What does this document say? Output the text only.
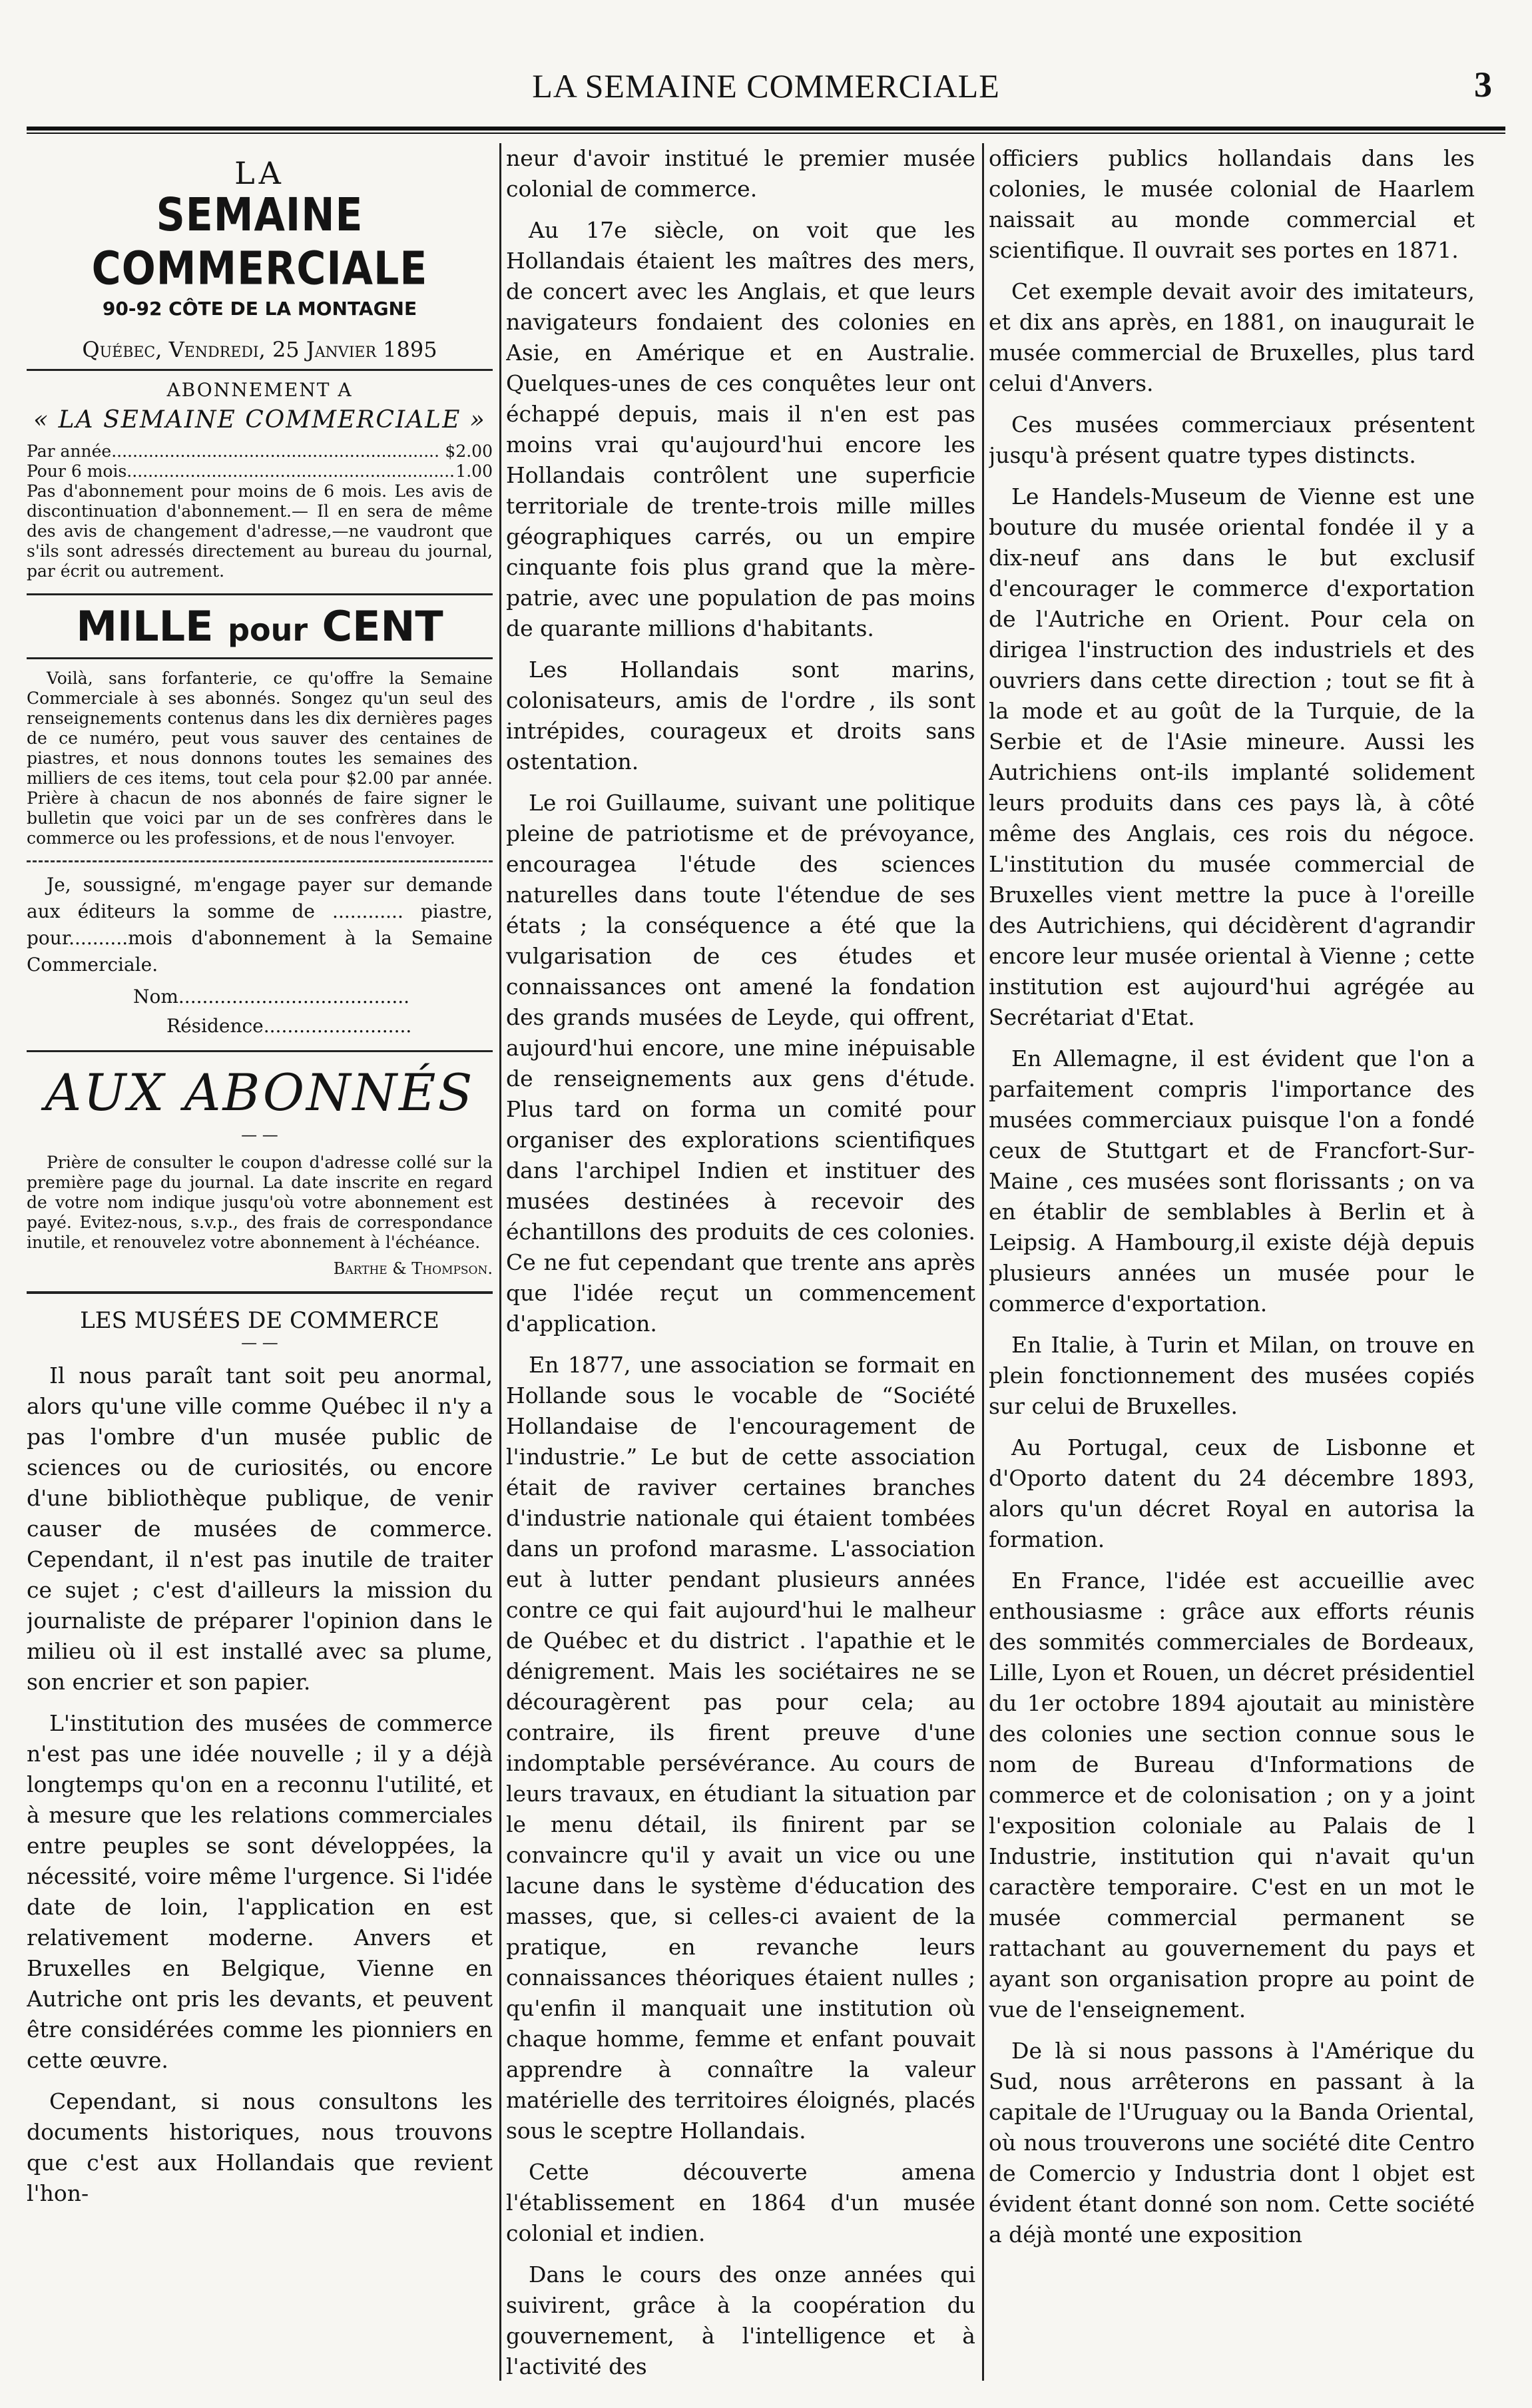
LA SEMAINE COMMERCIALE	3
LA
SEMAINE COMMERCIALE
90-92 CÔTE DE LA MONTAGNE
Québec, Vendredi, 25 Janvier 1895
ABONNEMENT A
« LA SEMAINE COMMERCIALE »
Par année .............................................................. $2.00
Pour 6 mois .............................................................. 1.00

Pas d'abonnement pour moins de 6 mois. Les avis de discontinuation d'abonnement.— Il en sera de même des avis de changement d'adresse,—ne vaudront que s'ils sont adressés directement au bureau du journal, par écrit ou autrement.

MILLE pour CENT

Voilà, sans forfanterie, ce qu'offre la Semaine Commerciale à ses abonnés. Songez qu'un seul des renseignements contenus dans les dix dernières pages de ce numéro, peut vous sauver des centaines de piastres, et nous donnons toutes les semaines des milliers de ces items, tout cela pour $2.00 par année. Prière à chacun de nos abonnés de faire signer le bulletin que voici par un de ses confrères dans le commerce ou les professions, et de nous l'envoyer.

Je, soussigné, m'engage payer sur demande aux éditeurs la somme de ............ piastre, pour..........mois d'abonnement à la Semaine Commerciale.
Nom.......................................
Résidence.........................
AUX ABONNÉS
— —

Prière de consulter le coupon d'adresse collé sur la première page du journal. La date inscrite en regard de votre nom indique jusqu'où votre abonnement est payé. Evitez-nous, s.v.p., des frais de correspondance inutile, et renouvelez votre abonnement à l'échéance.

Barthe & Thompson.
LES MUSÉES DE COMMERCE
— —

Il nous paraît tant soit peu anormal, alors qu'une ville comme Québec il n'y a pas l'ombre d'un musée public de sciences ou de curiosités, ou encore d'une bibliothèque publique, de venir causer de musées de commerce. Cependant, il n'est pas inutile de traiter ce sujet ; c'est d'ailleurs la mission du journaliste de préparer l'opinion dans le milieu où il est installé avec sa plume, son encrier et son papier.

L'institution des musées de commerce n'est pas une idée nouvelle ; il y a déjà longtemps qu'on en a reconnu l'utilité, et à mesure que les relations commerciales entre peuples se sont développées, la nécessité, voire même l'urgence. Si l'idée date de loin, l'application en est relativement moderne. Anvers et Bruxelles en Belgique, Vienne en Autriche ont pris les devants, et peuvent être considérées comme les pionniers en cette œuvre.

Cependant, si nous consultons les documents historiques, nous trouvons que c'est aux Hollandais que revient l'hon-

neur d'avoir institué le premier musée colonial de commerce.

Au 17e siècle, on voit que les Hollandais étaient les maîtres des mers, de concert avec les Anglais, et que leurs navigateurs fondaient des colonies en Asie, en Amérique et en Australie. Quelques-unes de ces conquêtes leur ont échappé depuis, mais il n'en est pas moins vrai qu'aujourd'hui encore les Hollandais contrôlent une superficie territoriale de trente-trois mille milles géographiques carrés, ou un empire cinquante fois plus grand que la mère-patrie, avec une population de pas moins de quarante millions d'habitants.

Les Hollandais sont marins, colonisateurs, amis de l'ordre , ils sont intrépides, courageux et droits sans ostentation.

Le roi Guillaume, suivant une politique pleine de patriotisme et de prévoyance, encouragea l'étude des sciences naturelles dans toute l'étendue de ses états ; la conséquence a été que la vulgarisation de ces études et connaissances ont amené la fondation des grands musées de Leyde, qui offrent, aujourd'hui encore, une mine inépuisable de renseignements aux gens d'étude. Plus tard on forma un comité pour organiser des explorations scientifiques dans l'archipel Indien et instituer des musées destinées à recevoir des échantillons des produits de ces colonies. Ce ne fut cependant que trente ans après que l'idée reçut un commencement d'application.

En 1877, une association se formait en Hollande sous le vocable de “Société Hollandaise de l'encouragement de l'industrie.” Le but de cette association était de raviver certaines branches d'industrie nationale qui étaient tombées dans un profond marasme. L'association eut à lutter pendant plusieurs années contre ce qui fait aujourd'hui le malheur de Québec et du district . l'apathie et le dénigrement. Mais les sociétaires ne se découragèrent pas pour cela; au contraire, ils firent preuve d'une indomptable persévérance. Au cours de leurs travaux, en étudiant la situation par le menu détail, ils finirent par se convaincre qu'il y avait un vice ou une lacune dans le système d'éducation des masses, que, si celles-ci avaient de la pratique, en revanche leurs connaissances théoriques étaient nulles ; qu'enfin il manquait une institution où chaque homme, femme et enfant pouvait apprendre à connaître la valeur matérielle des territoires éloignés, placés sous le sceptre Hollandais.

Cette découverte amena l'établissement en 1864 d'un musée colonial et indien.

Dans le cours des onze années qui suivirent, grâce à la coopération du gouvernement, à l'intelligence et à l'activité des

officiers publics hollandais dans les colonies, le musée colonial de Haarlem naissait au monde commercial et scientifique. Il ouvrait ses portes en 1871.

Cet exemple devait avoir des imitateurs, et dix ans après, en 1881, on inaugurait le musée commercial de Bruxelles, plus tard celui d'Anvers.

Ces musées commerciaux présentent jusqu'à présent quatre types distincts.

Le Handels-Museum de Vienne est une bouture du musée oriental fondée il y a dix-neuf ans dans le but exclusif d'encourager le commerce d'exportation de l'Autriche en Orient. Pour cela on dirigea l'instruction des industriels et des ouvriers dans cette direction ; tout se fit à la mode et au goût de la Turquie, de la Serbie et de l'Asie mineure. Aussi les Autrichiens ont-ils implanté solidement leurs produits dans ces pays là, à côté même des Anglais, ces rois du négoce. L'institution du musée commercial de Bruxelles vient mettre la puce à l'oreille des Autrichiens, qui décidèrent d'agrandir encore leur musée oriental à Vienne ; cette institution est aujourd'hui agrégée au Secrétariat d'Etat.

En Allemagne, il est évident que l'on a parfaitement compris l'importance des musées commerciaux puisque l'on a fondé ceux de Stuttgart et de Francfort-Sur-Maine , ces musées sont florissants ; on va en établir de semblables à Berlin et à Leipsig. A Hambourg,il existe déjà depuis plusieurs années un musée pour le commerce d'exportation.

En Italie, à Turin et Milan, on trouve en plein fonctionnement des musées copiés sur celui de Bruxelles.

Au Portugal, ceux de Lisbonne et d'Oporto datent du 24 décembre 1893, alors qu'un décret Royal en autorisa la formation.

En France, l'idée est accueillie avec enthousiasme : grâce aux efforts réunis des sommités commerciales de Bordeaux, Lille, Lyon et Rouen, un décret présidentiel du 1er octobre 1894 ajoutait au ministère des colonies une section connue sous le nom de Bureau d'Informations de commerce et de colonisation ; on y a joint l'exposition coloniale au Palais de l Industrie, institution qui n'avait qu'un caractère temporaire. C'est en un mot le musée commercial permanent se rattachant au gouvernement du pays et ayant son organisation propre au point de vue de l'enseignement.

De là si nous passons à l'Amérique du Sud, nous arrêterons en passant à la capitale de l'Uruguay ou la Banda Oriental, où nous trouverons une société dite Centro de Comercio y Industria dont l objet est évident étant donné son nom. Cette société a déjà monté une exposition
